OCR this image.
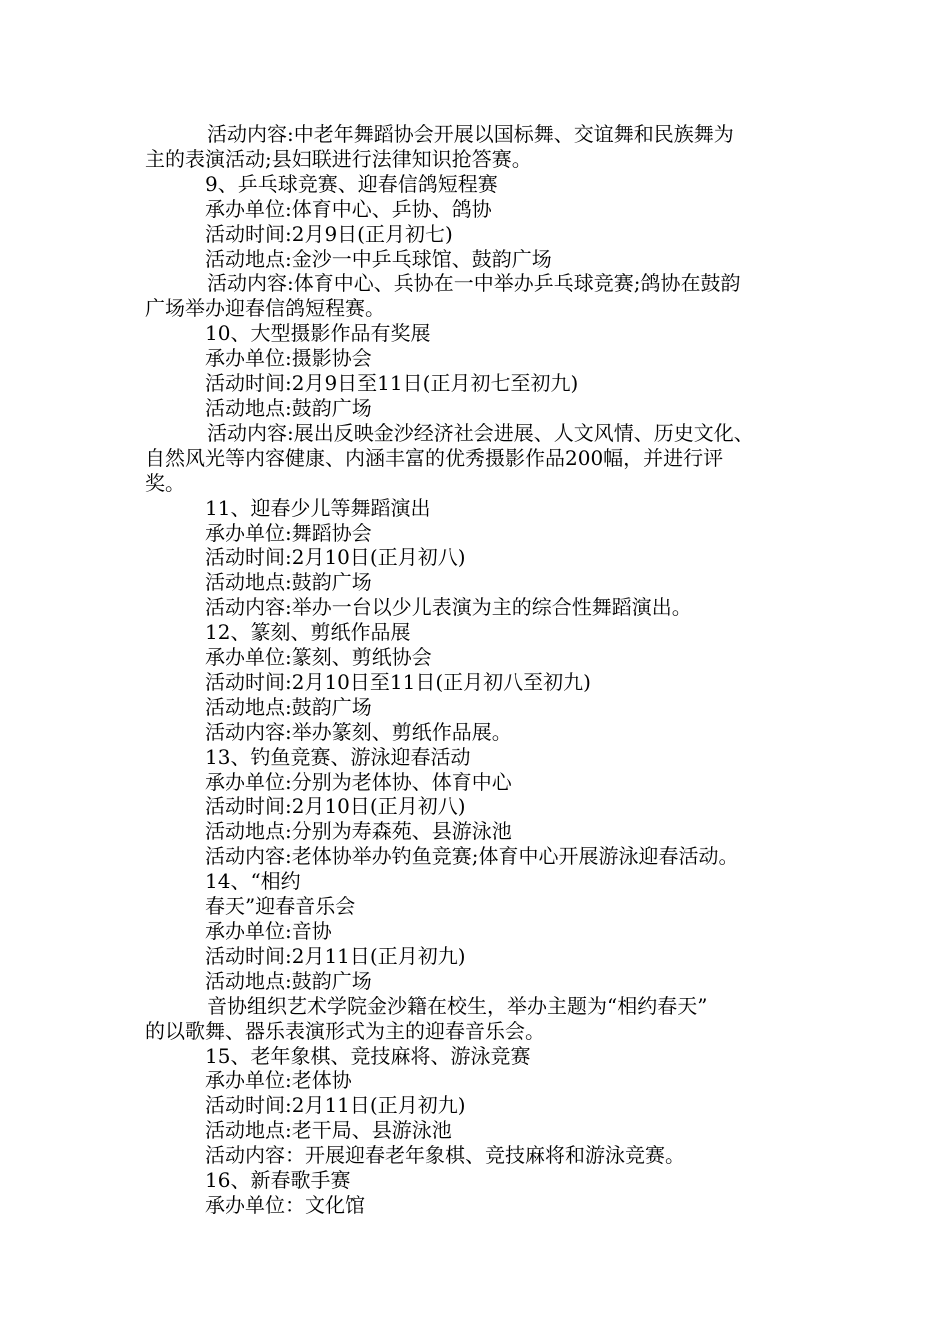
活动内容:中老年舞蹈协会开展以国标舞、交谊舞和民族舞为

主的表演活动;县妇联进行法律知识抢答赛。

9、乒乓球竞赛、迎春信鸽短程赛

承办单位:体育中心、乒协、鸽协

活动时间:2月9日(正月初七)

活动地点:金沙一中乒乓球馆、鼓韵广场

活动内容:体育中心、兵协在一中举办乒乓球竞赛;鸽协在鼓韵

广场举办迎春信鸽短程赛。

10、大型摄影作品有奖展

承办单位:摄影协会

活动时间:2月9日至11日(正月初七至初九)

活动地点:鼓韵广场

活动内容:展出反映金沙经济社会进展、人文风情、历史文化、

自然风光等内容健康、内涵丰富的优秀摄影作品200幅，并进行评

奖。

11、迎春少儿等舞蹈演出

承办单位:舞蹈协会

活动时间:2月10日(正月初八)

活动地点:鼓韵广场

活动内容:举办一台以少儿表演为主的综合性舞蹈演出。

12、篆刻、剪纸作品展

承办单位:篆刻、剪纸协会

活动时间:2月10日至11日(正月初八至初九)

活动地点:鼓韵广场

活动内容:举办篆刻、剪纸作品展。

13、钓鱼竞赛、游泳迎春活动

承办单位:分别为老体协、体育中心

活动时间:2月10日(正月初八)

活动地点:分别为寿森苑、县游泳池

活动内容:老体协举办钓鱼竞赛;体育中心开展游泳迎春活动。

14、“相约

春天”迎春音乐会

承办单位:音协

活动时间:2月11日(正月初九)

活动地点:鼓韵广场

音协组织艺术学院金沙籍在校生，举办主题为“相约春天”

的以歌舞、器乐表演形式为主的迎春音乐会。

15、老年象棋、竞技麻将、游泳竞赛

承办单位:老体协

活动时间:2月11日(正月初九)

活动地点:老干局、县游泳池

活动内容：开展迎春老年象棋、竞技麻将和游泳竞赛。

16、新春歌手赛

承办单位：文化馆
